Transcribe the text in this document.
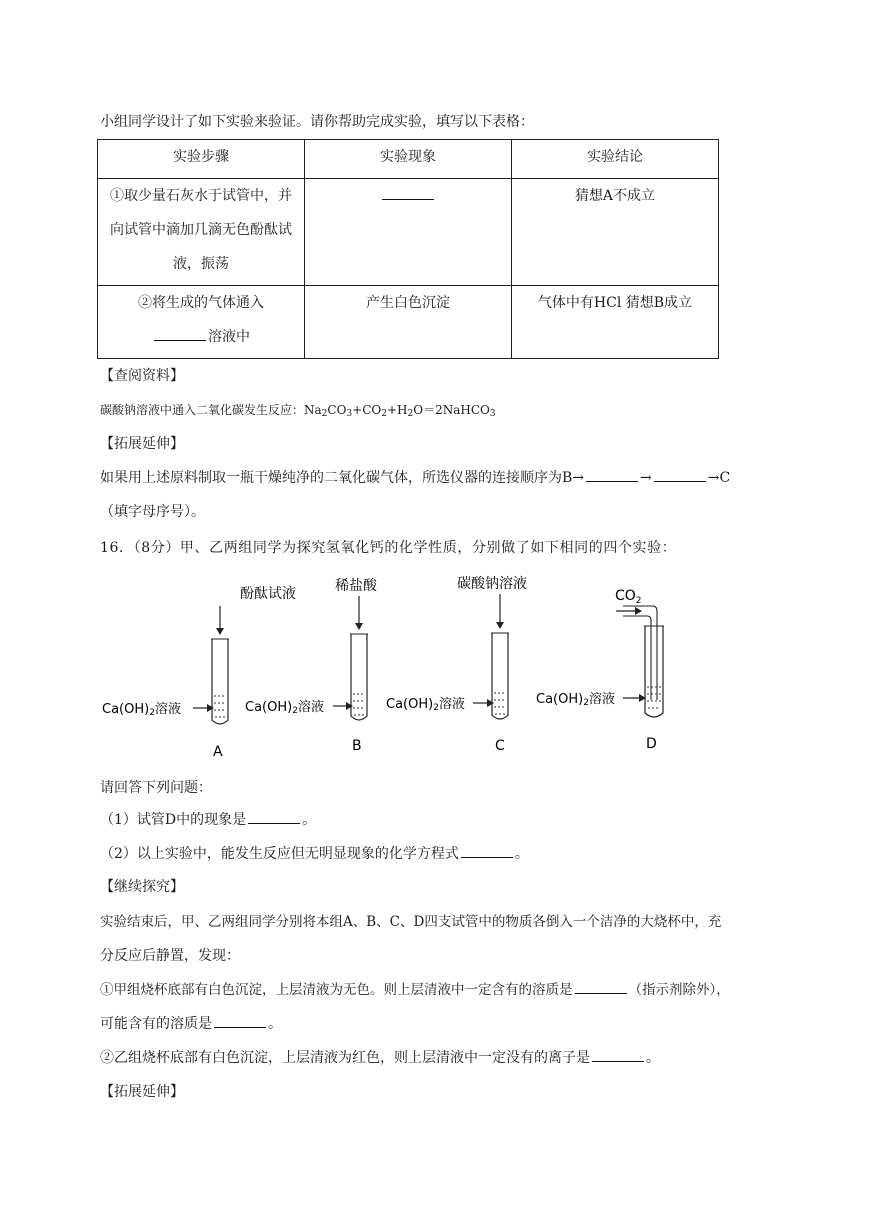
小组同学设计了如下实验来验证。请你帮助完成实验，填写以下表格：
实验步骤	实验现象	实验结论

①取少量石灰水于试管中，并
向试管中滴加几滴无色酚酞试
液，振荡		猜想A不成立

②将生成的气体通入
溶液中	产生白色沉淀	气体中有HCl 猜想B成立
【查阅资料】
碳酸钠溶液中通入二氧化碳发生反应：$Na_2CO_3+CO_2+H_2O=2NaHCO_3$
【拓展延伸】
如果用上述原料制取一瓶干燥纯净的二氧化碳气体，所选仪器的连接顺序为B→	→	→C
（填字母序号）。
16．（8分）甲、乙两组同学为探究氢氧化钙的化学性质，分别做了如下相同的四个实验：
酚酞试液
Ca(OH)2溶液
A
稀盐酸
Ca(OH)2溶液
B
碳酸钠溶液
Ca(OH)2溶液
C
$CO_2$
Ca(OH)2溶液
D
请回答下列问题：
（1）试管D中的现象是	。
（2）以上实验中，能发生反应但无明显现象的化学方程式	。
【继续探究】
实验结束后，甲、乙两组同学分别将本组A、B、C、D四支试管中的物质各倒入一个洁净的大烧杯中，充
分反应后静置，发现：
①甲组烧杯底部有白色沉淀，上层清液为无色。则上层清液中一定含有的溶质是	（指示剂除外），
可能含有的溶质是	。
②乙组烧杯底部有白色沉淀，上层清液为红色，则上层清液中一定没有的离子是	。
【拓展延伸】
